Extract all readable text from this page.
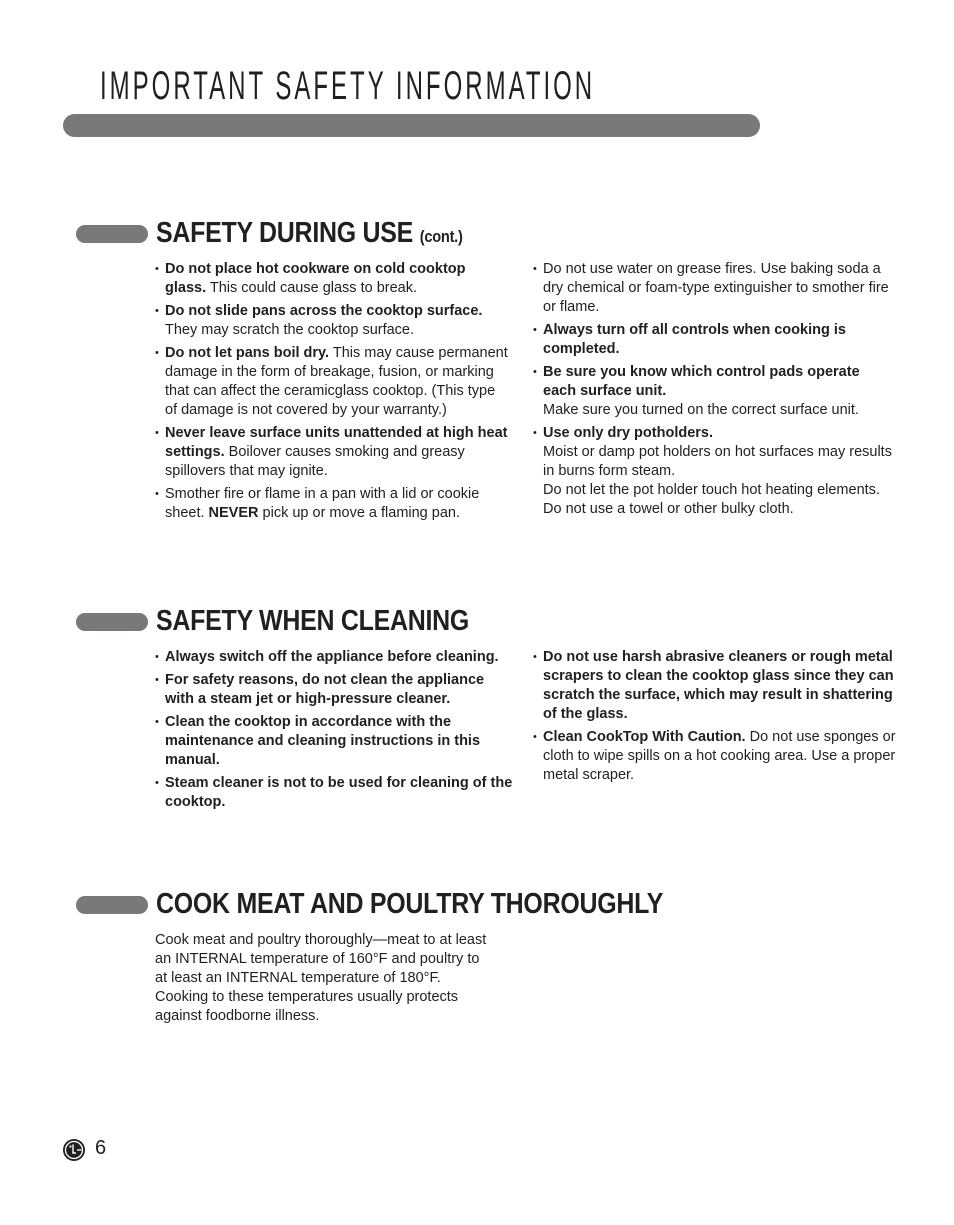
IMPORTANT SAFETY INFORMATION
SAFETY DURING USE (cont.)
• Do not place hot cookware on cold cooktop glass. This could cause glass to break.
• Do not slide pans across the cooktop surface. They may scratch the cooktop surface.
• Do not let pans boil dry. This may cause permanent damage in the form of breakage, fusion, or marking that can affect the ceramicglass cooktop. (This type of damage is not covered by your warranty.)
• Never leave surface units unattended at high heat settings. Boilover causes smoking and greasy spillovers that may ignite.
• Smother fire or flame in a pan with a lid or cookie sheet. NEVER pick up or move a flaming pan.
• Do not use water on grease fires. Use baking soda a dry chemical or foam-type extinguisher to smother fire or flame.
• Always turn off all controls when cooking is completed.
• Be sure you know which control pads operate each surface unit.
Make sure you turned on the correct surface unit.
• Use only dry potholders.
Moist or damp pot holders on hot surfaces may results in burns form steam.
Do not let the pot holder touch hot heating elements. Do not use a towel or other bulky cloth.
SAFETY WHEN CLEANING
• Always switch off the appliance before cleaning.
• For safety reasons, do not clean the appliance with a steam jet or high-pressure cleaner.
• Clean the cooktop in accordance with the maintenance and cleaning instructions in this manual.
• Steam cleaner is not to be used for cleaning of the cooktop.
• Do not use harsh abrasive cleaners or rough metal scrapers to clean the cooktop glass since they can scratch the surface, which may result in shattering of the glass.
• Clean CookTop With Caution. Do not use sponges or cloth to wipe spills on a hot cooking area. Use a proper metal scraper.
COOK MEAT AND POULTRY THOROUGHLY
Cook meat and poultry thoroughly—meat to at least an INTERNAL temperature of 160°F and poultry to at least an INTERNAL temperature of 180°F. Cooking to these temperatures usually protects against foodborne illness.
6
